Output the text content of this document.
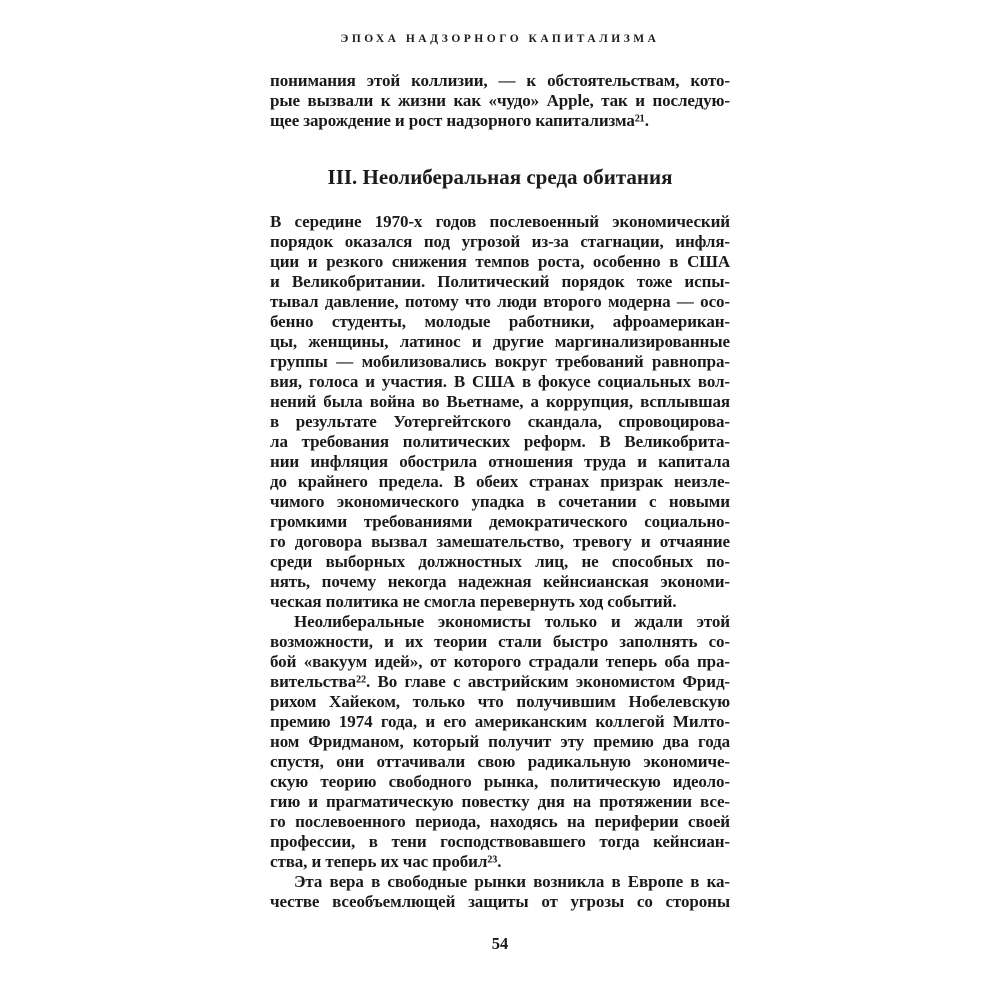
ЭПОХА НАДЗОРНОГО КАПИТАЛИЗМА
понимания этой коллизии, — к обстоятельствам, кото-
рые вызвали к жизни как «чудо» Apple, так и последую-
щее зарождение и рост надзорного капитализма²¹.
III. Неолиберальная среда обитания
В середине 1970-х годов послевоенный экономический
порядок оказался под угрозой из-за стагнации, инфля-
ции и резкого снижения темпов роста, особенно в США
и Великобритании. Политический порядок тоже испы-
тывал давление, потому что люди второго модерна — осо-
бенно студенты, молодые работники, афроамерикан-
цы, женщины, латинос и другие маргинализированные
группы — мобилизовались вокруг требований равнопра-
вия, голоса и участия. В США в фокусе социальных вол-
нений была война во Вьетнаме, а коррупция, всплывшая
в результате Уотергейтского скандала, спровоцирова-
ла требования политических реформ. В Великобрита-
нии инфляция обострила отношения труда и капитала
до крайнего предела. В обеих странах призрак неизле-
чимого экономического упадка в сочетании с новыми
громкими требованиями демократического социально-
го договора вызвал замешательство, тревогу и отчаяние
среди выборных должностных лиц, не способных по-
нять, почему некогда надежная кейнсианская экономи-
ческая политика не смогла перевернуть ход событий.
Неолиберальные экономисты только и ждали этой
возможности, и их теории стали быстро заполнять со-
бой «вакуум идей», от которого страдали теперь оба пра-
вительства²². Во главе с австрийским экономистом Фрид-
рихом Хайеком, только что получившим Нобелевскую
премию 1974 года, и его американским коллегой Милто-
ном Фридманом, который получит эту премию два года
спустя, они оттачивали свою радикальную экономиче-
скую теорию свободного рынка, политическую идеоло-
гию и прагматическую повестку дня на протяжении все-
го послевоенного периода, находясь на периферии своей
профессии, в тени господствовавшего тогда кейнсиан-
ства, и теперь их час пробил²³.
Эта вера в свободные рынки возникла в Европе в ка-
честве всеобъемлющей защиты от угрозы со стороны
54
